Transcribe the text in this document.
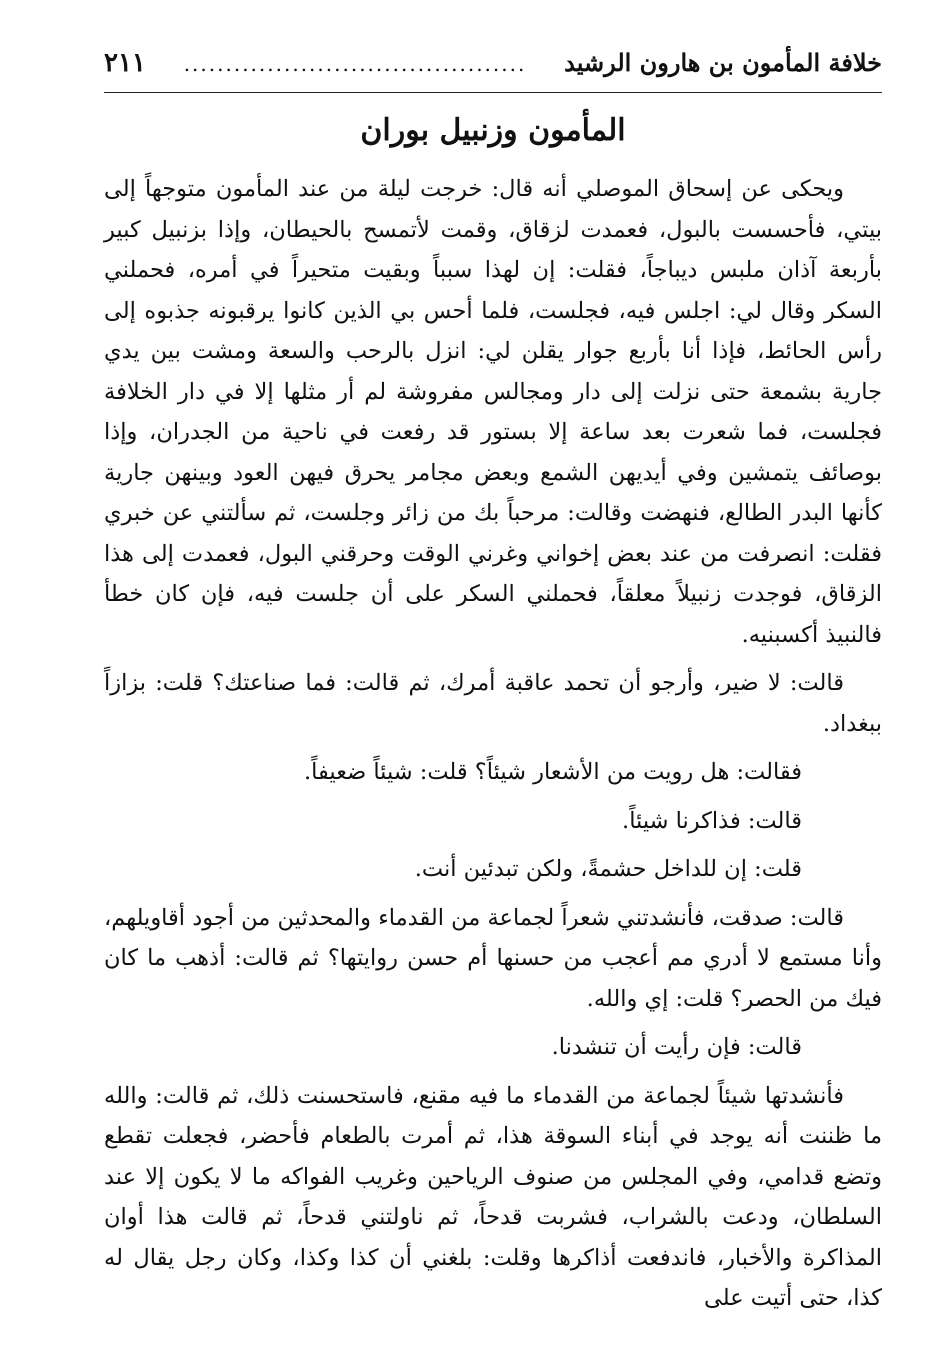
خلافة المأمون بن هارون الرشيد
.........................................
٢١١
المأمون وزنبيل بوران

ويحكى عن إسحاق الموصلي أنه قال: خرجت ليلة من عند المأمون متوجهاً إلى بيتي، فأحسست بالبول، فعمدت لزقاق، وقمت لأتمسح بالحيطان، وإذا بزنبيل كبير بأربعة آذان ملبس ديباجاً، فقلت: إن لهذا سبباً وبقيت متحيراً في أمره، فحملني السكر وقال لي: اجلس فيه، فجلست، فلما أحس بي الذين كانوا يرقبونه جذبوه إلى رأس الحائط، فإذا أنا بأربع جوار يقلن لي: انزل بالرحب والسعة ومشت بين يدي جارية بشمعة حتى نزلت إلى دار ومجالس مفروشة لم أر مثلها إلا في دار الخلافة فجلست، فما شعرت بعد ساعة إلا بستور قد رفعت في ناحية من الجدران، وإذا بوصائف يتمشين وفي أيديهن الشمع وبعض مجامر يحرق فيهن العود وبينهن جارية كأنها البدر الطالع، فنهضت وقالت: مرحباً بك من زائر وجلست، ثم سألتني عن خبري فقلت: انصرفت من عند بعض إخواني وغرني الوقت وحرقني البول، فعمدت إلى هذا الزقاق، فوجدت زنبيلاً معلقاً، فحملني السكر على أن جلست فيه، فإن كان خطأ فالنبيذ أكسبنيه.

قالت: لا ضير، وأرجو أن تحمد عاقبة أمرك، ثم قالت: فما صناعتك؟ قلت: بزازاً ببغداد.

فقالت: هل رويت من الأشعار شيئاً؟ قلت: شيئاً ضعيفاً.

قالت: فذاكرنا شيئاً.

قلت: إن للداخل حشمةً، ولكن تبدئين أنت.

قالت: صدقت، فأنشدتني شعراً لجماعة من القدماء والمحدثين من أجود أقاويلهم، وأنا مستمع لا أدري مم أعجب من حسنها أم حسن روايتها؟ ثم قالت: أذهب ما كان فيك من الحصر؟ قلت: إي والله.

قالت: فإن رأيت أن تنشدنا.

فأنشدتها شيئاً لجماعة من القدماء ما فيه مقنع، فاستحسنت ذلك، ثم قالت: والله ما ظننت أنه يوجد في أبناء السوقة هذا، ثم أمرت بالطعام فأحضر، فجعلت تقطع وتضع قدامي، وفي المجلس من صنوف الرياحين وغريب الفواكه ما لا يكون إلا عند السلطان، ودعت بالشراب، فشربت قدحاً، ثم ناولتني قدحاً، ثم قالت هذا أوان المذاكرة والأخبار، فاندفعت أذاكرها وقلت: بلغني أن كذا وكذا، وكان رجل يقال له كذا، حتى أتيت على
